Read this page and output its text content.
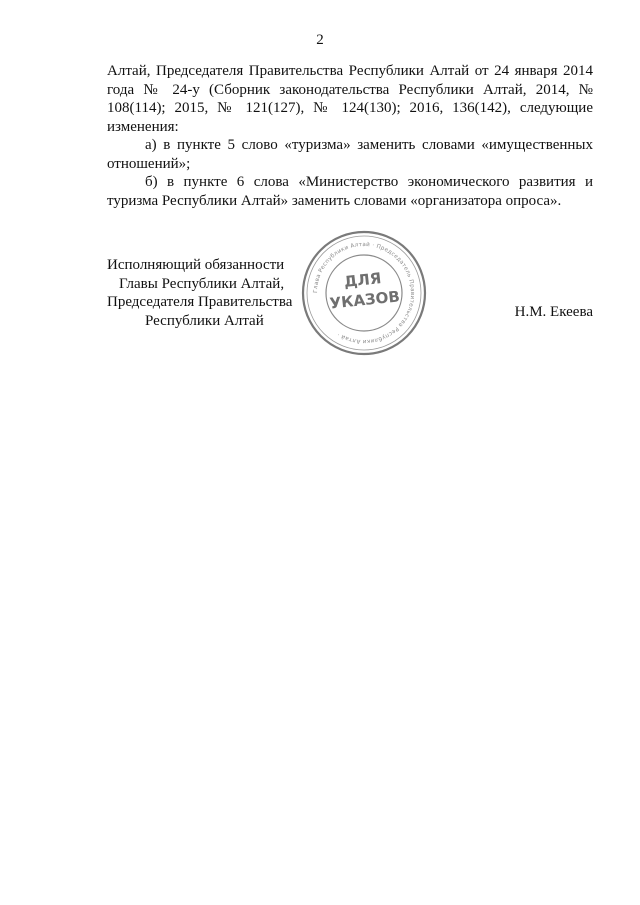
2

Алтай, Председателя Правительства Республики Алтай от 24 января 2014 года № 24-у (Сборник законодательства Республики Алтай, 2014, № 108(114); 2015, № 121(127), № 124(130); 2016, 136(142), следующие изменения:

а) в пункте 5 слово «туризма» заменить словами «имущественных отношений»;

б) в пункте 6 слова «Министерство экономического развития и туризма Республики Алтай» заменить словами «организатора опроса».

Исполняющий обязанности
Главы Республики Алтай,
Председателя Правительства
Республики Алтай
Глава Республики Алтай · Председатель Правительства Республики Алтай ·
ДЛЯ
УКАЗОВ	Н.М. Екеева
